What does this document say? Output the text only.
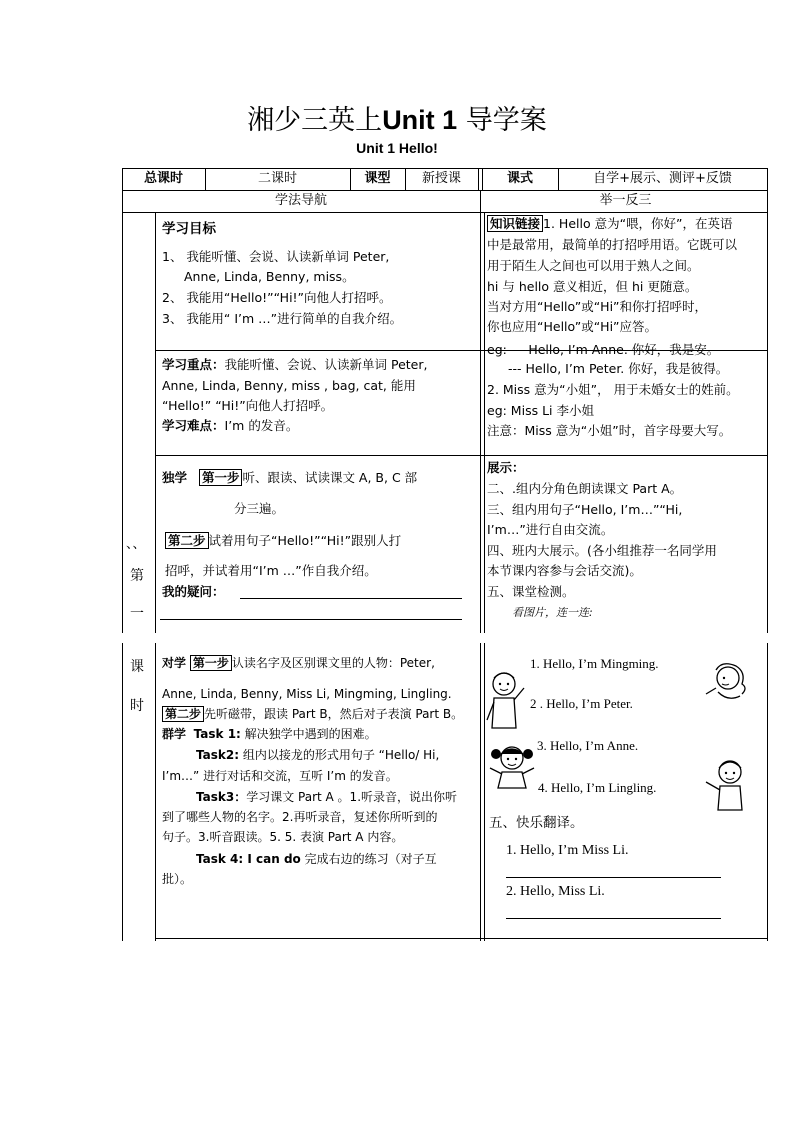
湘少三英上Unit 1 导学案
Unit 1 Hello!
总课时	二课时	课型	新授课	课式	自学+展示、测评+反馈
学法导航	举一反三
、、
第
一
课
时
学习目标
1、 我能听懂、会说、认读新单词 Peter,
Anne, Linda, Benny, miss。
2、 我能用“Hello!”“Hi!”向他人打招呼。
3、 我能用“ I’m …”进行简单的自我介绍。
学习重点：我能听懂、会说、认读新单词 Peter,
Anne, Linda, Benny, miss , bag, cat, 能用
“Hello!” “Hi!”向他人打招呼。
学习难点：I’m 的发音。
知识链接 1. Hello 意为“喂，你好”，在英语
中是最常用，最简单的打招呼用语。它既可以
用于陌生人之间也可以用于熟人之间。
hi 与 hello 意义相近，但 hi 更随意。
当对方用“Hello”或“Hi”和你打招呼时，
你也应用“Hello”或“Hi”应答。
eg: --- Hello, I’m Anne. 你好，我是安。
--- Hello, I’m Peter. 你好，我是彼得。
2. Miss 意为“小姐”， 用于未婚女士的姓前。
eg: Miss Li 李小姐
注意：Miss 意为“小姐”时，首字母要大写。
独学 第一步 听、跟读、试读课文 A, B, C 部
分三遍。
第二步 试着用句子“Hello!”“Hi!”跟别人打
招呼，并试着用“I’m …”作自我介绍。
我的疑问：
展示：
二、.组内分角色朗读课文 Part A。
三、组内用句子“Hello, I’m…”“Hi,
I’m…”进行自由交流。
四、班内大展示。(各小组推荐一名同学用
本节课内容参与会话交流)。
五、课堂检测。
看图片，连一连:
对学 第一步 认读名字及区别课文里的人物：Peter,
Anne, Linda, Benny, Miss Li, Mingming, Lingling.
第二步 先听磁带，跟读 Part B，然后对子表演 Part B。
群学 Task 1: 解决独学中遇到的困难。
Task2: 组内以接龙的形式用句子 “Hello/ Hi,
I’m…” 进行对话和交流，互听 I’m 的发音。
Task3：学习课文 Part A 。1.听录音，说出你听
到了哪些人物的名字。2.再听录音，复述你所听到的
句子。3.听音跟读。5. 5. 表演 Part A 内容。
Task 4: I can do 完成右边的练习（对子互
批）。
1. Hello, I’m Mingming.
2 . Hello, I’m Peter.
3. Hello, I’m Anne.
4. Hello, I’m Lingling.
五、快乐翻译。
1. Hello, I’m Miss Li.
2. Hello, Miss Li.
